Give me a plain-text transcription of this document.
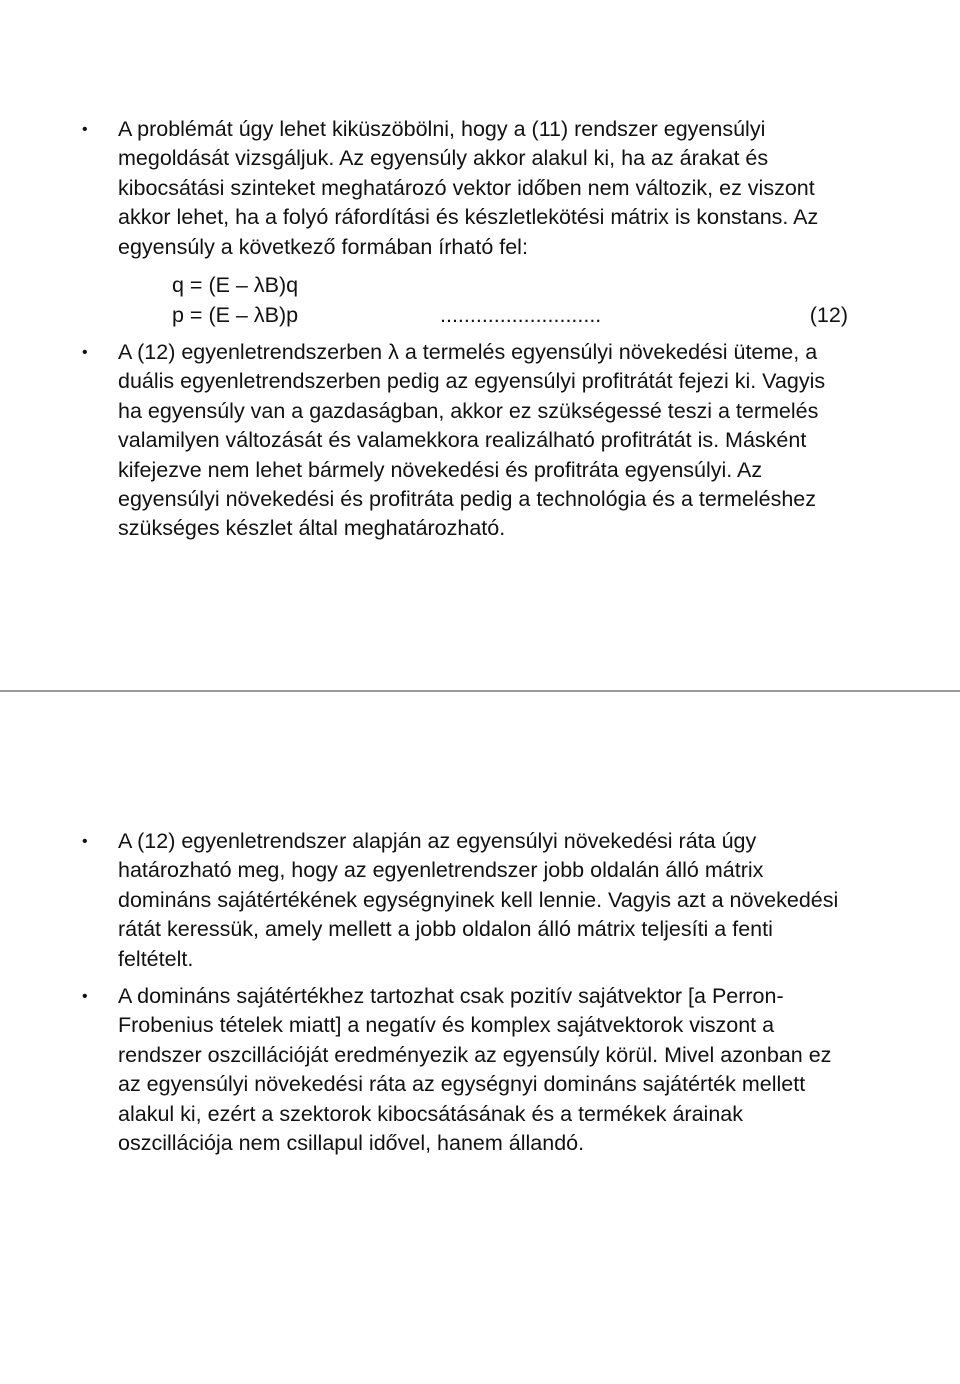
• A problémát úgy lehet kiküszöbölni, hogy a (11) rendszer egyensúlyi megoldását vizsgáljuk. Az egyensúly akkor alakul ki, ha az árakat és kibocsátási szinteket meghatározó vektor időben nem változik, ez viszont akkor lehet, ha a folyó ráfordítási és készletlekötési mátrix is konstans. Az egyensúly a következő formában írható fel:
q = (E – λB)q
p = (E – λB)p	...........................	(12)
• A (12) egyenletrendszerben λ a termelés egyensúlyi növekedési üteme, a duális egyenletrendszerben pedig az egyensúlyi profitrátát fejezi ki. Vagyis ha egyensúly van a gazdaságban, akkor ez szükségessé teszi a termelés valamilyen változását és valamekkora realizálható profitrátát is. Másként kifejezve nem lehet bármely növekedési és profitráta egyensúlyi. Az egyensúlyi növekedési és profitráta pedig a technológia és a termeléshez szükséges készlet által meghatározható.
• A (12) egyenletrendszer alapján az egyensúlyi növekedési ráta úgy határozható meg, hogy az egyenletrendszer jobb oldalán álló mátrix domináns sajátértékének egységnyinek kell lennie. Vagyis azt a növekedési rátát keressük, amely mellett a jobb oldalon álló mátrix teljesíti a fenti feltételt.
• A domináns sajátértékhez tartozhat csak pozitív sajátvektor [a Perron-Frobenius tételek miatt] a negatív és komplex sajátvektorok viszont a rendszer oszcillációját eredményezik az egyensúly körül. Mivel azonban ez az egyensúlyi növekedési ráta az egységnyi domináns sajátérték mellett alakul ki, ezért a szektorok kibocsátásának és a termékek árainak oszcillációja nem csillapul idővel, hanem állandó.
